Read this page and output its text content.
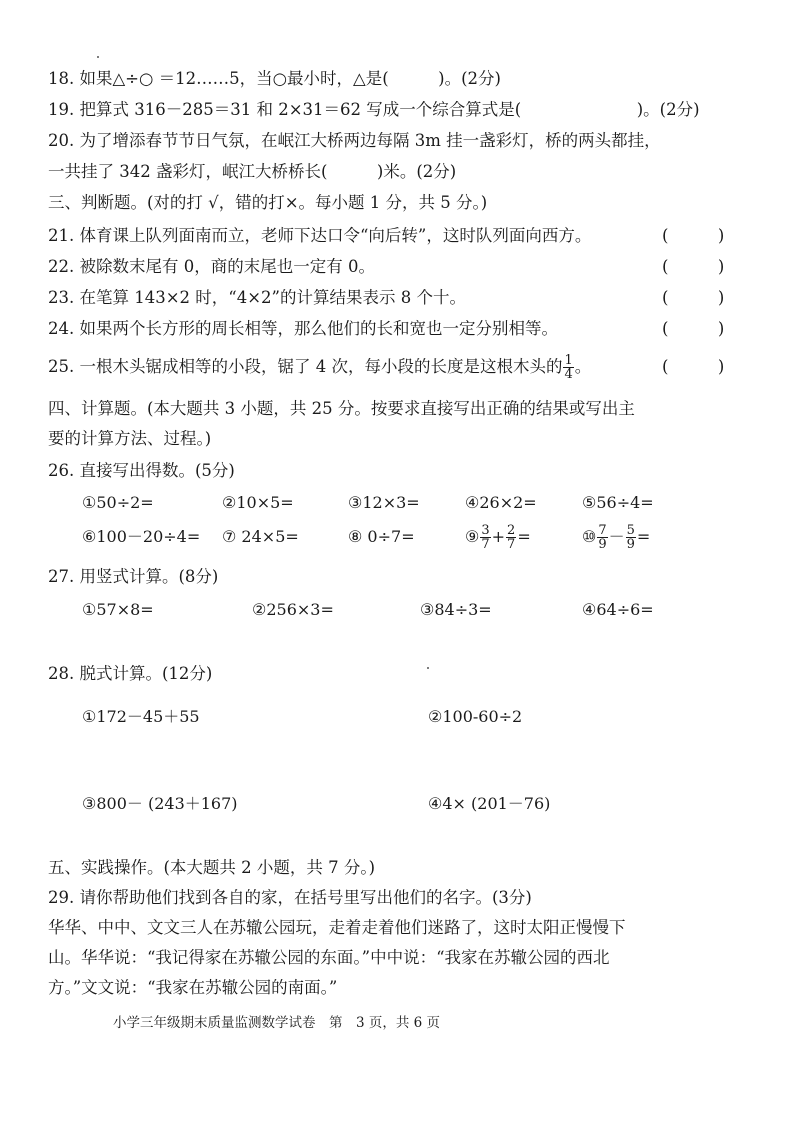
18. 如果△÷○ ＝12……5，当○最小时，△是(　　　)。(2分)
19. 把算式 316－285＝31 和 2×31＝62 写成一个综合算式是(　　　　　　　)。(2分)
20. 为了增添春节节日气氛，在岷江大桥两边每隔 3m 挂一盏彩灯，桥的两头都挂，
一共挂了 342 盏彩灯，岷江大桥桥长(　　　)米。(2分)
三、判断题。(对的打 √，错的打×。每小题 1 分，共 5 分。)
21. 体育课上队列面南而立，老师下达口令“向后转”，这时队列面向西方。	(　　　)
22. 被除数末尾有 0，商的末尾也一定有 0。	(　　　)
23. 在笔算 143×2 时，“4×2”的计算结果表示 8 个十。	(　　　)
24. 如果两个长方形的周长相等，那么他们的长和宽也一定分别相等。	(　　　)
25. 一根木头锯成相等的小段，锯了 4 次，每小段的长度是这根木头的 $\frac{1}{4}$ 。	(　　　)
四、计算题。(本大题共 3 小题，共 25 分。按要求直接写出正确的结果或写出主
要的计算方法、过程。)
26. 直接写出得数。(5分)
①50÷2=	②10×5=	③12×3=	④26×2=	⑤56÷4=
⑥100－20÷4= ⑦ 24×5=	⑧ 0÷7=	⑨ $\frac{3}{7} + \frac{2}{7}$ =	⑩ $\frac{7}{9} - \frac{5}{9}$ =
27. 用竖式计算。(8分)
①57×8=	②256×3=	③84÷3=	④64÷6=
28. 脱式计算。(12分)
①172－45＋55	②100-60÷2
③800－ (243＋167)	④4× (201－76)
五、实践操作。(本大题共 2 小题，共 7 分。)
29. 请你帮助他们找到各自的家，在括号里写出他们的名字。(3分)
华华、中中、文文三人在苏辙公园玩，走着走着他们迷路了，这时太阳正慢慢下
山。华华说：“我记得家在苏辙公园的东面。”中中说：“我家在苏辙公园的西北
方。”文文说：“我家在苏辙公园的南面。”
小学三年级期末质量监测数学试卷　第　3 页，共 6 页
